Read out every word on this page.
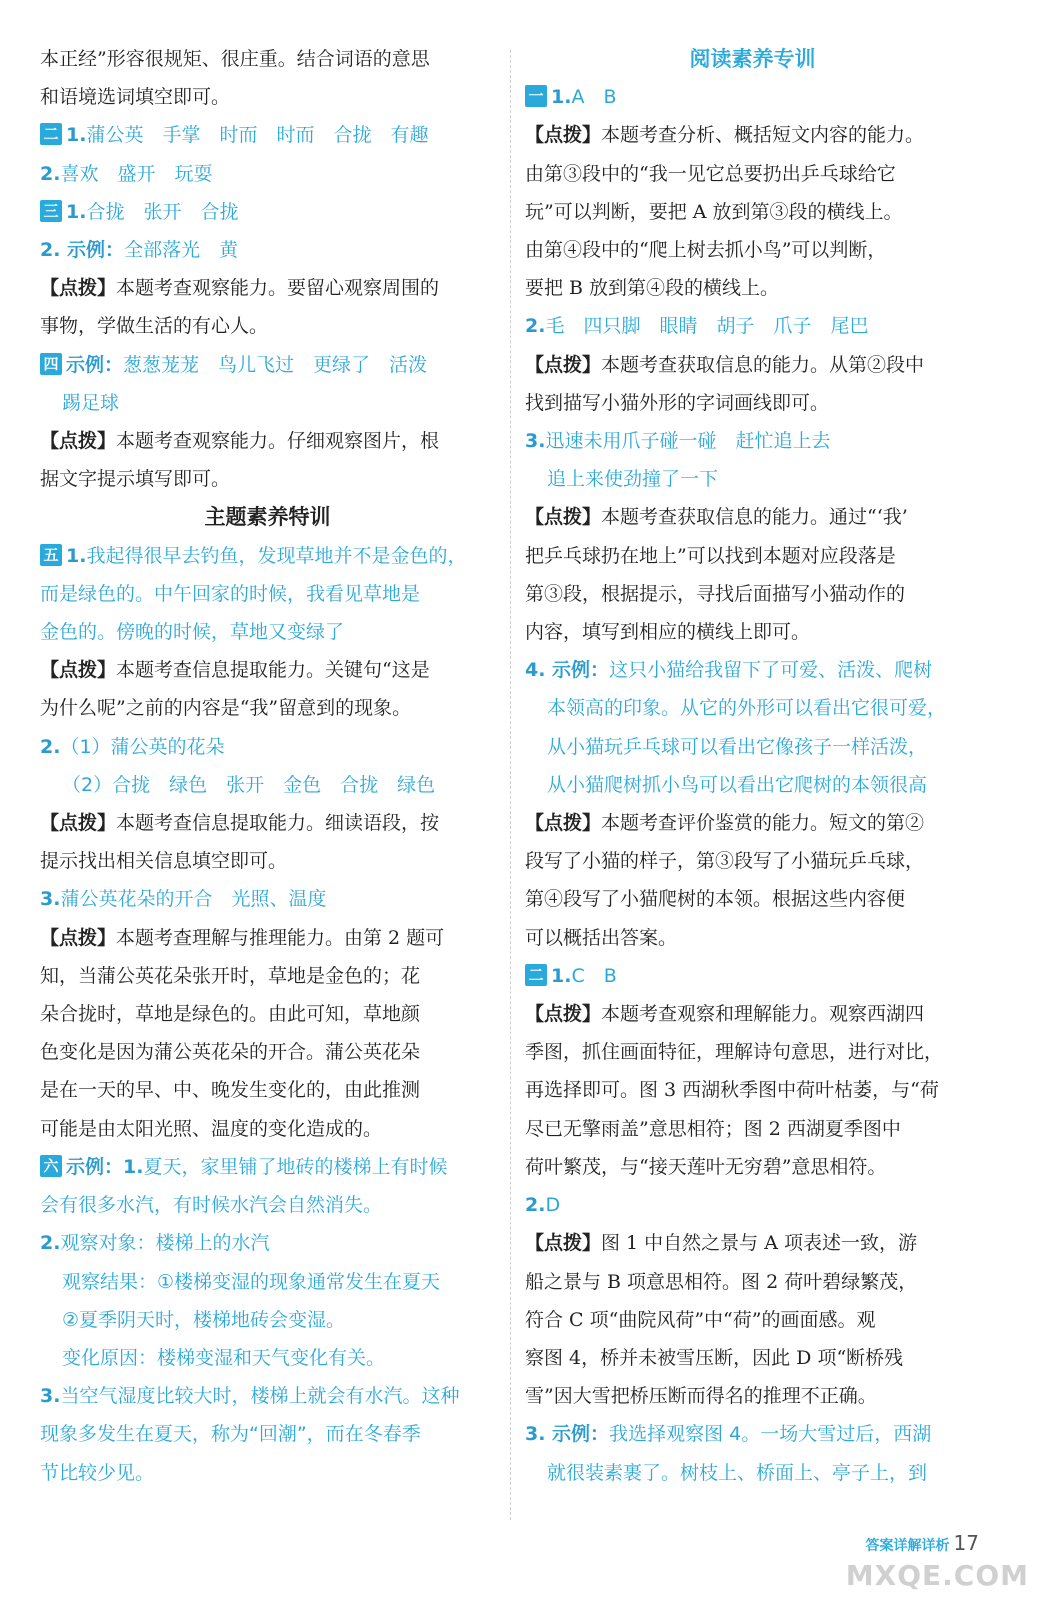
本正经”形容很规矩、很庄重。结合词语的意思
和语境选词填空即可。
二 1.蒲公英　手掌　时而　时而　合拢　有趣
2.喜欢　盛开　玩耍
三 1.合拢　张开　合拢
2. 示例：全部落光　黄
【点拨】本题考查观察能力。要留心观察周围的
事物，学做生活的有心人。
四 示例：葱葱茏茏　鸟儿飞过　更绿了　活泼
踢足球
【点拨】本题考查观察能力。仔细观察图片，根
据文字提示填写即可。
主题素养特训
五 1.我起得很早去钓鱼，发现草地并不是金色的，
而是绿色的。中午回家的时候，我看见草地是
金色的。傍晚的时候，草地又变绿了
【点拨】本题考查信息提取能力。关键句“这是
为什么呢”之前的内容是“我”留意到的现象。
2.（1）蒲公英的花朵
（2）合拢　绿色　张开　金色　合拢　绿色
【点拨】本题考查信息提取能力。细读语段，按
提示找出相关信息填空即可。
3.蒲公英花朵的开合　光照、温度
【点拨】本题考查理解与推理能力。由第 2 题可
知，当蒲公英花朵张开时，草地是金色的；花
朵合拢时，草地是绿色的。由此可知，草地颜
色变化是因为蒲公英花朵的开合。蒲公英花朵
是在一天的早、中、晚发生变化的，由此推测
可能是由太阳光照、温度的变化造成的。
六 示例：1.夏天，家里铺了地砖的楼梯上有时候
会有很多水汽，有时候水汽会自然消失。
2.观察对象：楼梯上的水汽
观察结果：①楼梯变湿的现象通常发生在夏天
②夏季阴天时，楼梯地砖会变湿。
变化原因：楼梯变湿和天气变化有关。
3.当空气湿度比较大时，楼梯上就会有水汽。这种
现象多发生在夏天，称为“回潮”，而在冬春季
节比较少见。
阅读素养专训
一 1.A　B
【点拨】本题考查分析、概括短文内容的能力。
由第③段中的“我一见它总要扔出乒乓球给它
玩”可以判断，要把 A 放到第③段的横线上。
由第④段中的“爬上树去抓小鸟”可以判断，
要把 B 放到第④段的横线上。
2.毛　四只脚　眼睛　胡子　爪子　尾巴
【点拨】本题考查获取信息的能力。从第②段中
找到描写小猫外形的字词画线即可。
3.迅速未用爪子碰一碰　赶忙追上去
追上来使劲撞了一下
【点拨】本题考查获取信息的能力。通过“‘我’
把乒乓球扔在地上”可以找到本题对应段落是
第③段，根据提示，寻找后面描写小猫动作的
内容，填写到相应的横线上即可。
4. 示例：这只小猫给我留下了可爱、活泼、爬树
本领高的印象。从它的外形可以看出它很可爱，
从小猫玩乒乓球可以看出它像孩子一样活泼，
从小猫爬树抓小鸟可以看出它爬树的本领很高
【点拨】本题考查评价鉴赏的能力。短文的第②
段写了小猫的样子，第③段写了小猫玩乒乓球，
第④段写了小猫爬树的本领。根据这些内容便
可以概括出答案。
二 1.C　B
【点拨】本题考查观察和理解能力。观察西湖四
季图，抓住画面特征，理解诗句意思，进行对比，
再选择即可。图 3 西湖秋季图中荷叶枯萎，与“荷
尽已无擎雨盖”意思相符；图 2 西湖夏季图中
荷叶繁茂，与“接天莲叶无穷碧”意思相符。
2.D
【点拨】图 1 中自然之景与 A 项表述一致，游
船之景与 B 项意思相符。图 2 荷叶碧绿繁茂，
符合 C 项“曲院风荷”中“荷”的画面感。观
察图 4，桥并未被雪压断，因此 D 项“断桥残
雪”因大雪把桥压断而得名的推理不正确。
3. 示例：我选择观察图 4。一场大雪过后，西湖
就很装素裹了。树枝上、桥面上、亭子上，到
答案详解详析 17
MXQE.COM
